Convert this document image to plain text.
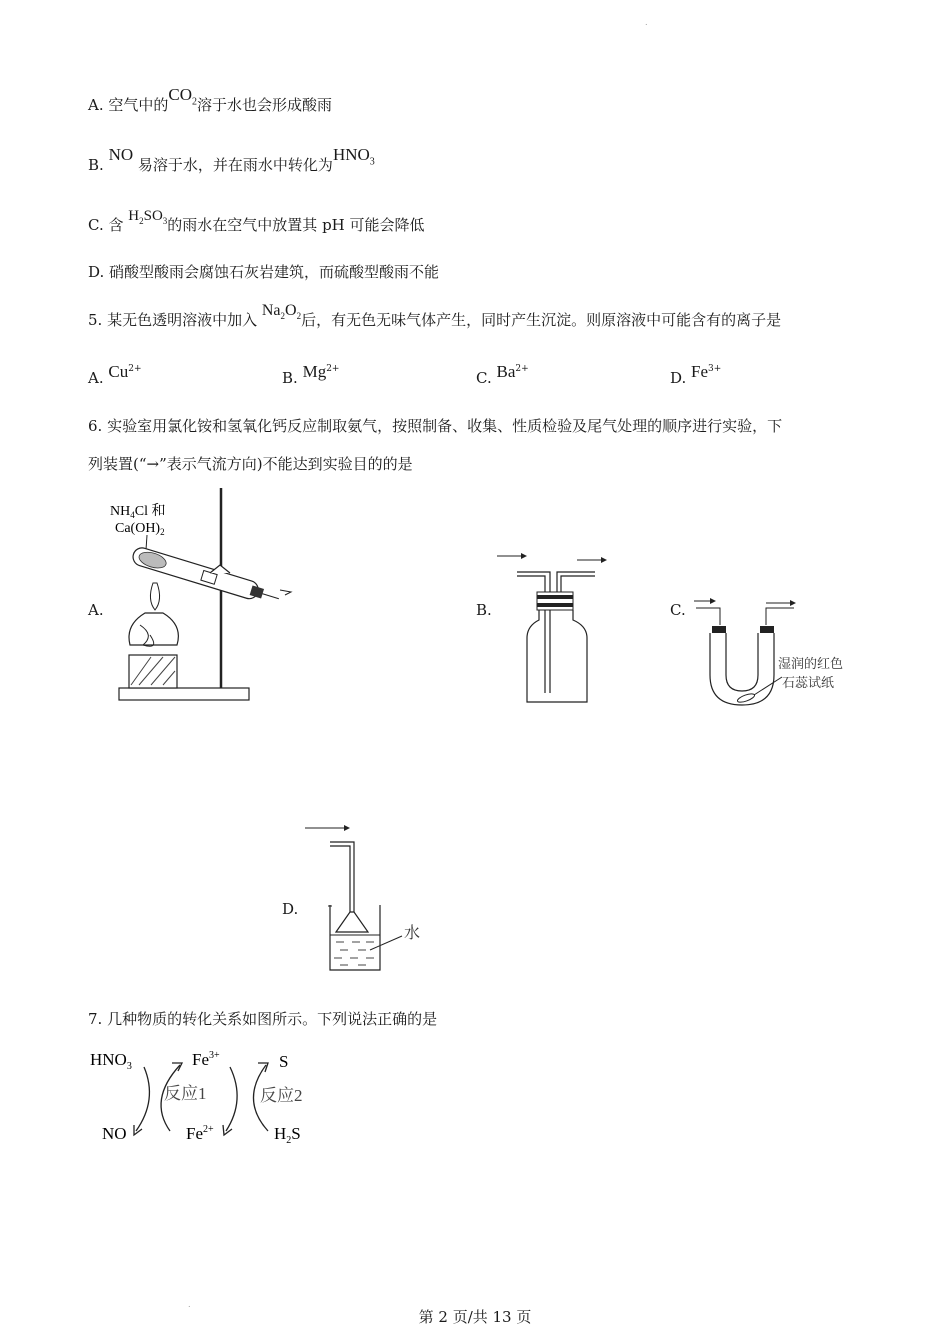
.
.
A. 空气中的$CO_2$溶于水也会形成酸雨
B. NO 易溶于水，并在雨水中转化为$HNO_3$
C. 含 $H_2SO_3$的雨水在空气中放置其 pH 可能会降低
D. 硝酸型酸雨会腐蚀石灰岩建筑，而硫酸型酸雨不能
5. 某无色透明溶液中加入 $Na_2O_2$后，有无色无味气体产生，同时产生沉淀。则原溶液中可能含有的离子是
A. $Cu^{2+}$	B. $Mg^{2+}$	C. $Ba^{2+}$	D. $Fe^{3+}$
6. 实验室用氯化铵和氢氧化钙反应制取氨气，按照制备、收集、性质检验及尾气处理的顺序进行实验，下
列装置(“→”表示气流方向)不能达到实验目的的是
A.
$NH_4Cl$ 和
$Ca(OH)_2$
B.	C.
湿润的红色
石蕊试纸
D.
水
7. 几种物质的转化关系如图所示。下列说法正确的是
$HNO_3$
NO
$Fe^{3+}$
$Fe^{2+}$
S
$H_2S$
反应1	反应2
第 2 页/共 13 页
